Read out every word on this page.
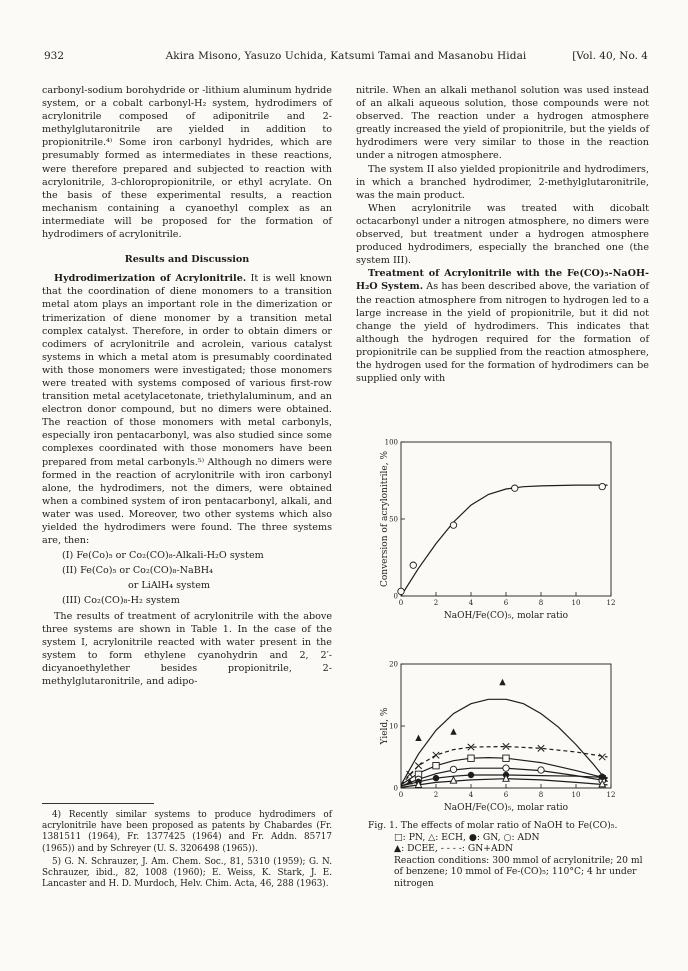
932	Akira Misono, Yasuzo Uchida, Katsumi Tamai and Masanobu Hidai	[Vol. 40, No. 4

carbonyl-sodium borohydride or -lithium aluminum hydride system, or a cobalt carbonyl-H₂ system, hydrodimers of acrylonitrile composed of adiponitrile and 2-methylglutaronitrile are yielded in addition to propionitrile.⁴⁾ Some iron carbonyl hydrides, which are presumably formed as intermediates in these reactions, were therefore prepared and subjected to reaction with acrylonitrile, 3-chloropropionitrile, or ethyl acrylate. On the basis of these experimental results, a reaction mechanism containing a cyanoethyl complex as an intermediate will be proposed for the formation of hydrodimers of acrylonitrile.

Results and Discussion

Hydrodimerization of Acrylonitrile. It is well known that the coordination of diene monomers to a transition metal atom plays an important role in the dimerization or trimerization of diene monomer by a transition metal complex catalyst. Therefore, in order to obtain dimers or codimers of acrylonitrile and acrolein, various catalyst systems in which a metal atom is presumably coordinated with those monomers were investigated; those monomers were treated with systems composed of various first-row transition metal acetylacetonate, triethylaluminum, and an electron donor compound, but no dimers were obtained. The reaction of those monomers with metal carbonyls, especially iron pentacarbonyl, was also studied since some complexes coordinated with those monomers have been prepared from metal carbonyls.⁵⁾ Although no dimers were formed in the reaction of acrylonitrile with iron carbonyl alone, the hydrodimers, not the dimers, were obtained when a combined system of iron pentacarbonyl, alkali, and water was used. Moreover, two other systems which also yielded the hydrodimers were found. The three systems are, then:

(I) Fe(Co)₅ or Co₂(CO)₈-Alkali-H₂O system

(II) Fe(Co)₅ or Co₂(CO)₈-NaBH₄

or LiAlH₄ system

(III) Co₂(CO)₈-H₂ system

The results of treatment of acrylonitrile with the above three systems are shown in Table 1. In the case of the system I, acrylonitrile reacted with water present in the system to form ethylene cyanohydrin and 2, 2′-dicyanoethylether besides propionitrile, 2-methylglutaronitrile, and adipo-

4) Recently similar systems to produce hydrodimers of acrylonitrile have been proposed as patents by Chabardes (Fr. 1381511 (1964), Fr. 1377425 (1964) and Fr. Addn. 85717 (1965)) and by Schreyer (U. S. 3206498 (1965)).

5) G. N. Schrauzer, J. Am. Chem. Soc., 81, 5310 (1959); G. N. Schrauzer, ibid., 82, 1008 (1960); E. Weiss, K. Stark, J. E. Lancaster and H. D. Murdoch, Helv. Chim. Acta, 46, 288 (1963).

nitrile. When an alkali methanol solution was used instead of an alkali aqueous solution, those compounds were not observed. The reaction under a hydrogen atmosphere greatly increased the yield of propionitrile, but the yields of hydrodimers were very similar to those in the reaction under a nitrogen atmosphere.

The system II also yielded propionitrile and hydrodimers, in which a branched hydrodimer, 2-methylglutaronitrile, was the main product.

When acrylonitrile was treated with dicobalt octacarbonyl under a nitrogen atmosphere, no dimers were observed, but treatment under a hydrogen atmosphere produced hydrodimers, especially the branched one (the system III).

Treatment of Acrylonitrile with the Fe(CO)₅-NaOH-H₂O System. As has been described above, the variation of the reaction atmosphere from nitrogen to hydrogen led to a large increase in the yield of propionitrile, but it did not change the yield of hydrodimers. This indicates that although the hydrogen required for the formation of propionitrile can be supplied from the reaction atmosphere, the hydrogen used for the formation of hydrodimers can be supplied only with

0	2	4	6	8	10	12
0
50
100
NaOH/Fe(CO)₅, molar ratio
Conversion of acrylonitrile, %
0	2	4	6	8	10	12
0
10
20
NaOH/Fe(CO)₅, molar ratio
Yield, %

Fig. 1. The effects of molar ratio of NaOH to Fe(CO)₅.

□: PN, △: ECH, ●: GN, ○: ADN

▲: DCEE, - - - -: GN+ADN

Reaction conditions: 300 mmol of acrylonitrile; 20 ml of benzene; 10 mmol of Fe-(CO)₅; 110°C; 4 hr under nitrogen
